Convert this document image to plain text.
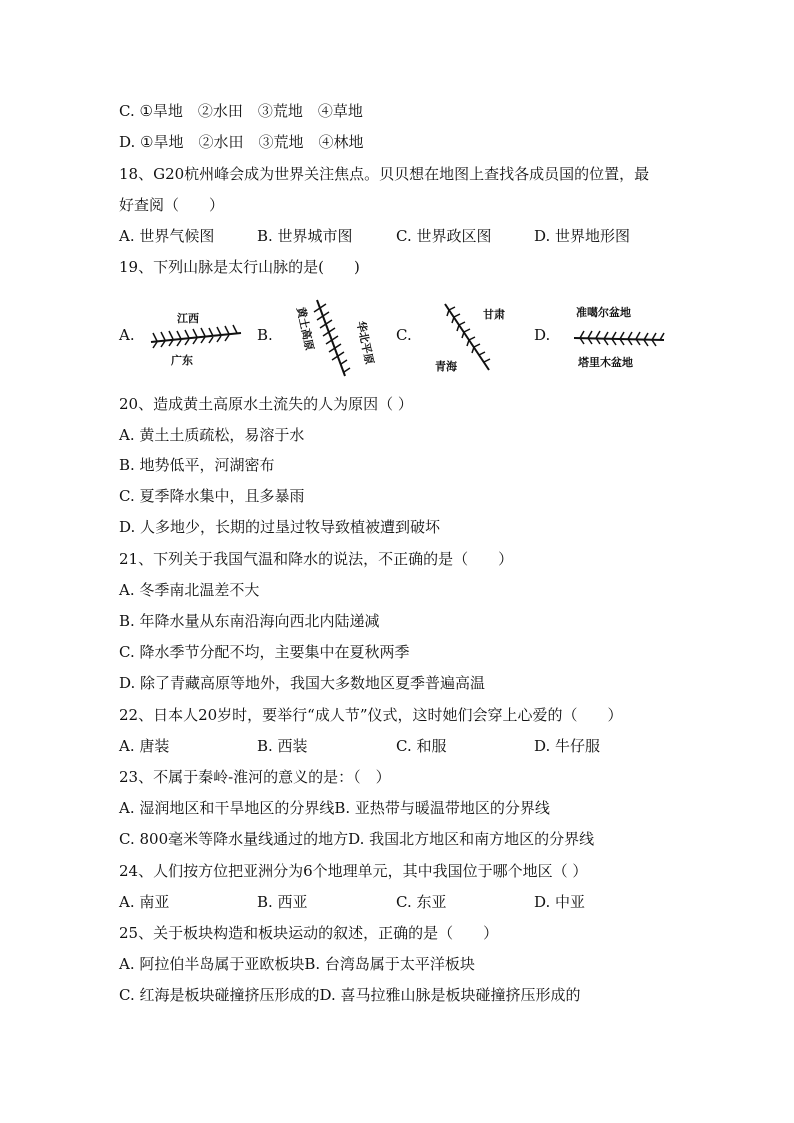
C. ①旱地　②水田　③荒地　④草地
D. ①旱地　②水田　③荒地　④林地
18、G20杭州峰会成为世界关注焦点。贝贝想在地图上查找各成员国的位置，最
好查阅（　　）
A. 世界气候图	B. 世界城市图	C. 世界政区图	D. 世界地形图
19、下列山脉是太行山脉的是(　　)
A.
江西
广东
B. 黄土高原	华北平原 C.
甘肃
青海
D.
准噶尔盆地
塔里木盆地
20、造成黄土高原水土流失的人为原因（ ）
A. 黄土土质疏松，易溶于水
B. 地势低平，河湖密布
C. 夏季降水集中，且多暴雨
D. 人多地少，长期的过垦过牧导致植被遭到破坏
21、下列关于我国气温和降水的说法，不正确的是（　　）
A. 冬季南北温差不大
B. 年降水量从东南沿海向西北内陆递减
C. 降水季节分配不均，主要集中在夏秋两季
D. 除了青藏高原等地外，我国大多数地区夏季普遍高温
22、日本人20岁时，要举行“成人节”仪式，这时她们会穿上心爱的（　　）
A. 唐装	B. 西装	C. 和服	D. 牛仔服
23、不属于秦岭-淮河的意义的是：（　）
A. 湿润地区和干旱地区的分界线B. 亚热带与暖温带地区的分界线
C. 800毫米等降水量线通过的地方D. 我国北方地区和南方地区的分界线
24、人们按方位把亚洲分为6个地理单元，其中我国位于哪个地区（ ）
A. 南亚	B. 西亚	C. 东亚	D. 中亚
25、关于板块构造和板块运动的叙述，正确的是（　　）
A. 阿拉伯半岛属于亚欧板块B. 台湾岛属于太平洋板块
C. 红海是板块碰撞挤压形成的D. 喜马拉雅山脉是板块碰撞挤压形成的
